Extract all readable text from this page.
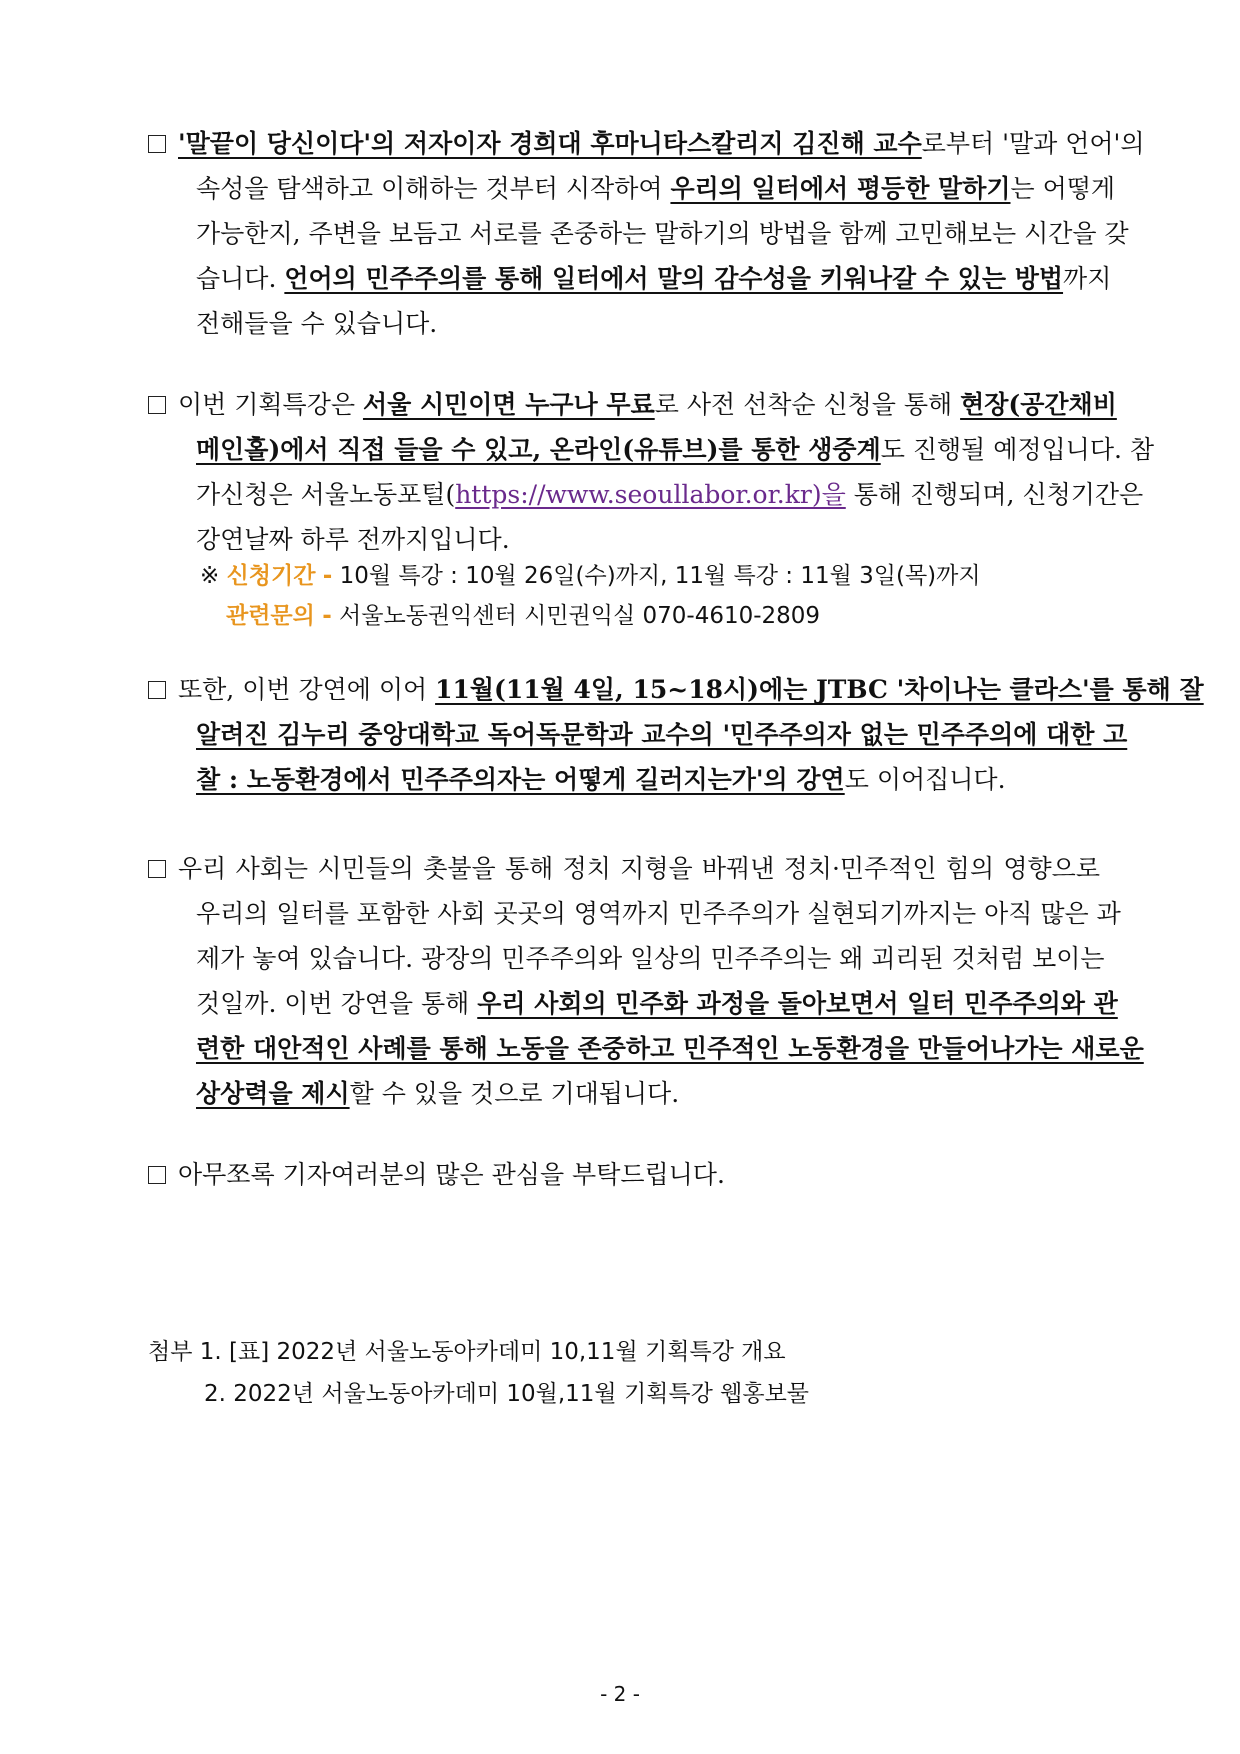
'말끝이 당신이다'의 저자이자 경희대 후마니타스칼리지 김진해 교수로부터 '말과 언어'의
속성을 탐색하고 이해하는 것부터 시작하여 우리의 일터에서 평등한 말하기는 어떻게
가능한지, 주변을 보듬고 서로를 존중하는 말하기의 방법을 함께 고민해보는 시간을 갖
습니다. 언어의 민주주의를 통해 일터에서 말의 감수성을 키워나갈 수 있는 방법까지
전해들을 수 있습니다.
이번 기획특강은 서울 시민이면 누구나 무료로 사전 선착순 신청을 통해 현장(공간채비
메인홀)에서 직접 들을 수 있고, 온라인(유튜브)를 통한 생중계도 진행될 예정입니다. 참
가신청은 서울노동포털(https://www.seoullabor.or.kr)을 통해 진행되며, 신청기간은
강연날짜 하루 전까지입니다.
※ 신청기간 - 10월 특강 : 10월 26일(수)까지, 11월 특강 : 11월 3일(목)까지
관련문의 - 서울노동권익센터 시민권익실 070-4610-2809
또한, 이번 강연에 이어 11월(11월 4일, 15~18시)에는 JTBC '차이나는 클라스'를 통해 잘
알려진 김누리 중앙대학교 독어독문학과 교수의 '민주주의자 없는 민주주의에 대한 고
찰 : 노동환경에서 민주주의자는 어떻게 길러지는가'의 강연도 이어집니다.
우리 사회는 시민들의 촛불을 통해 정치 지형을 바꿔낸 정치·민주적인 힘의 영향으로
우리의 일터를 포함한 사회 곳곳의 영역까지 민주주의가 실현되기까지는 아직 많은 과
제가 놓여 있습니다. 광장의 민주주의와 일상의 민주주의는 왜 괴리된 것처럼 보이는
것일까. 이번 강연을 통해 우리 사회의 민주화 과정을 돌아보면서 일터 민주주의와 관
련한 대안적인 사례를 통해 노동을 존중하고 민주적인 노동환경을 만들어나가는 새로운
상상력을 제시할 수 있을 것으로 기대됩니다.
아무쪼록 기자여러분의 많은 관심을 부탁드립니다.
첨부 1. [표] 2022년 서울노동아카데미 10,11월 기획특강 개요
2. 2022년 서울노동아카데미 10월,11월 기획특강 웹홍보물
- 2 -
